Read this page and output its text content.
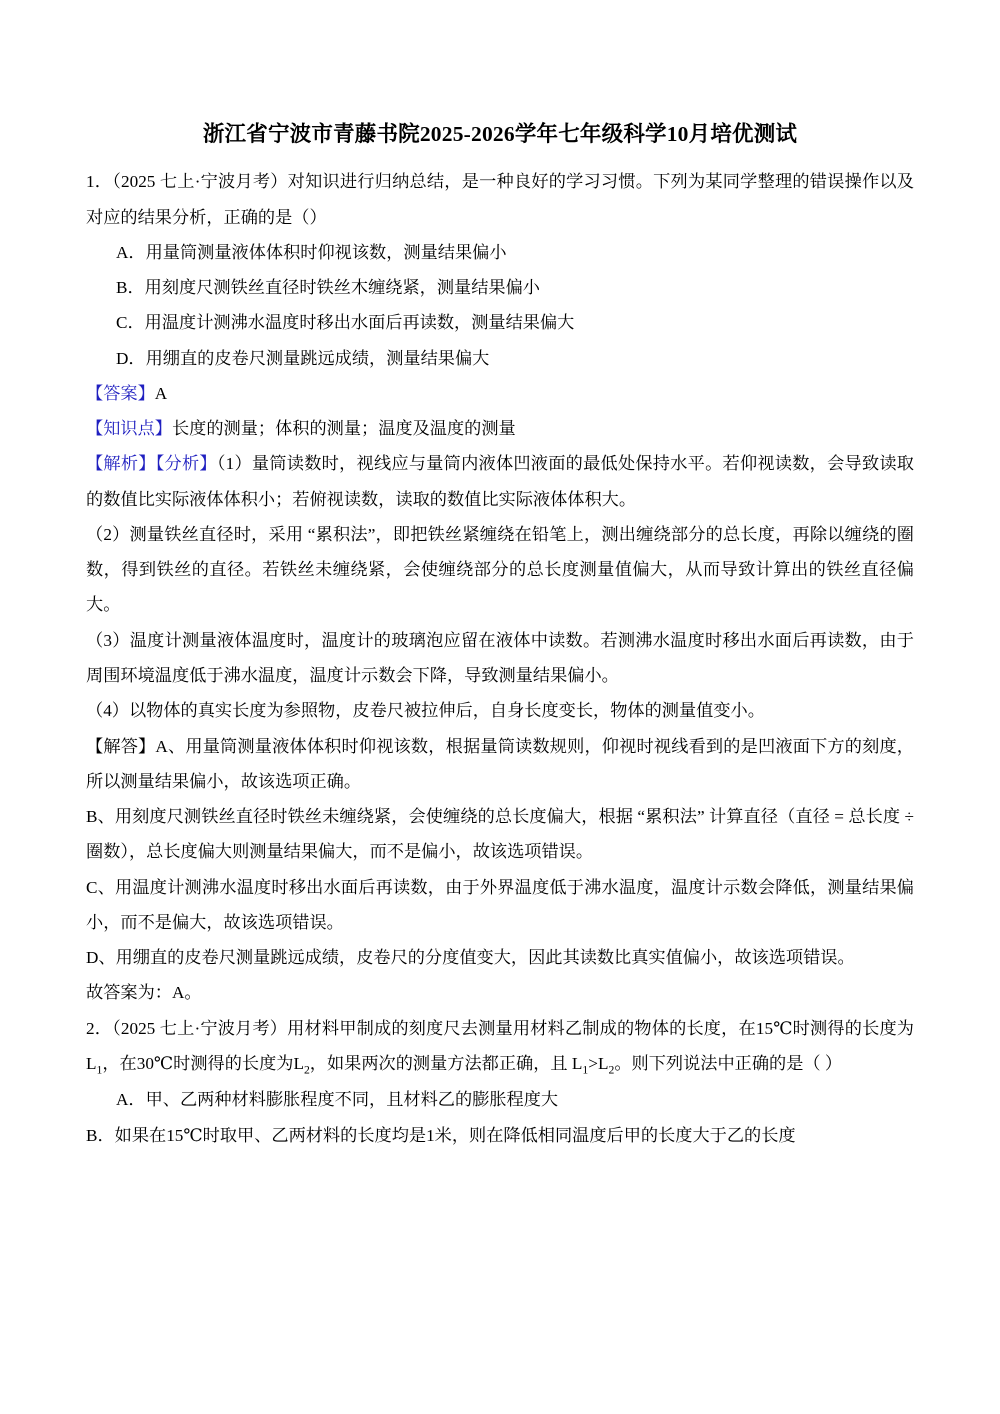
浙江省宁波市青藤书院2025-2026学年七年级科学10月培优测试

1．（2025 七上·宁波月考）对知识进行归纳总结，是一种良好的学习习惯。下列为某同学整理的错误操作以及对应的结果分析，正确的是（）

A．用量筒测量液体体积时仰视该数，测量结果偏小

B．用刻度尺测铁丝直径时铁丝木缠绕紧，测量结果偏小

C．用温度计测沸水温度时移出水面后再读数，测量结果偏大

D．用绷直的皮卷尺测量跳远成绩，测量结果偏大

【答案】A

【知识点】长度的测量；体积的测量；温度及温度的测量

【解析】【分析】（1）量筒读数时，视线应与量筒内液体凹液面的最低处保持水平。若仰视读数，会导致读取的数值比实际液体体积小；若俯视读数，读取的数值比实际液体体积大。

（2）测量铁丝直径时，采用 “累积法”，即把铁丝紧缠绕在铅笔上，测出缠绕部分的总长度，再除以缠绕的圈数，得到铁丝的直径。若铁丝未缠绕紧，会使缠绕部分的总长度测量值偏大，从而导致计算出的铁丝直径偏大。

（3）温度计测量液体温度时，温度计的玻璃泡应留在液体中读数。若测沸水温度时移出水面后再读数，由于周围环境温度低于沸水温度，温度计示数会下降，导致测量结果偏小。

（4）以物体的真实长度为参照物，皮卷尺被拉伸后，自身长度变长，物体的测量值变小。

【解答】A、用量筒测量液体体积时仰视该数，根据量筒读数规则，仰视时视线看到的是凹液面下方的刻度，所以测量结果偏小，故该选项正确。

B、用刻度尺测铁丝直径时铁丝未缠绕紧，会使缠绕的总长度偏大，根据 “累积法” 计算直径（直径 = 总长度 ÷ 圈数），总长度偏大则测量结果偏大，而不是偏小，故该选项错误。

C、用温度计测沸水温度时移出水面后再读数，由于外界温度低于沸水温度，温度计示数会降低，测量结果偏小，而不是偏大，故该选项错误。

D、用绷直的皮卷尺测量跳远成绩，皮卷尺的分度值变大，因此其读数比真实值偏小，故该选项错误。

故答案为：A。

2．（2025 七上·宁波月考）用材料甲制成的刻度尺去测量用材料乙制成的物体的长度，在15℃时测得的长度为$L_1$，在30℃时测得的长度为$L_2$，如果两次的测量方法都正确，且 $L_1>L_2$。则下列说法中正确的是（ ）

A．甲、乙两种材料膨胀程度不同，且材料乙的膨胀程度大

B．如果在15℃时取甲、乙两材料的长度均是1米，则在降低相同温度后甲的长度大于乙的长度
